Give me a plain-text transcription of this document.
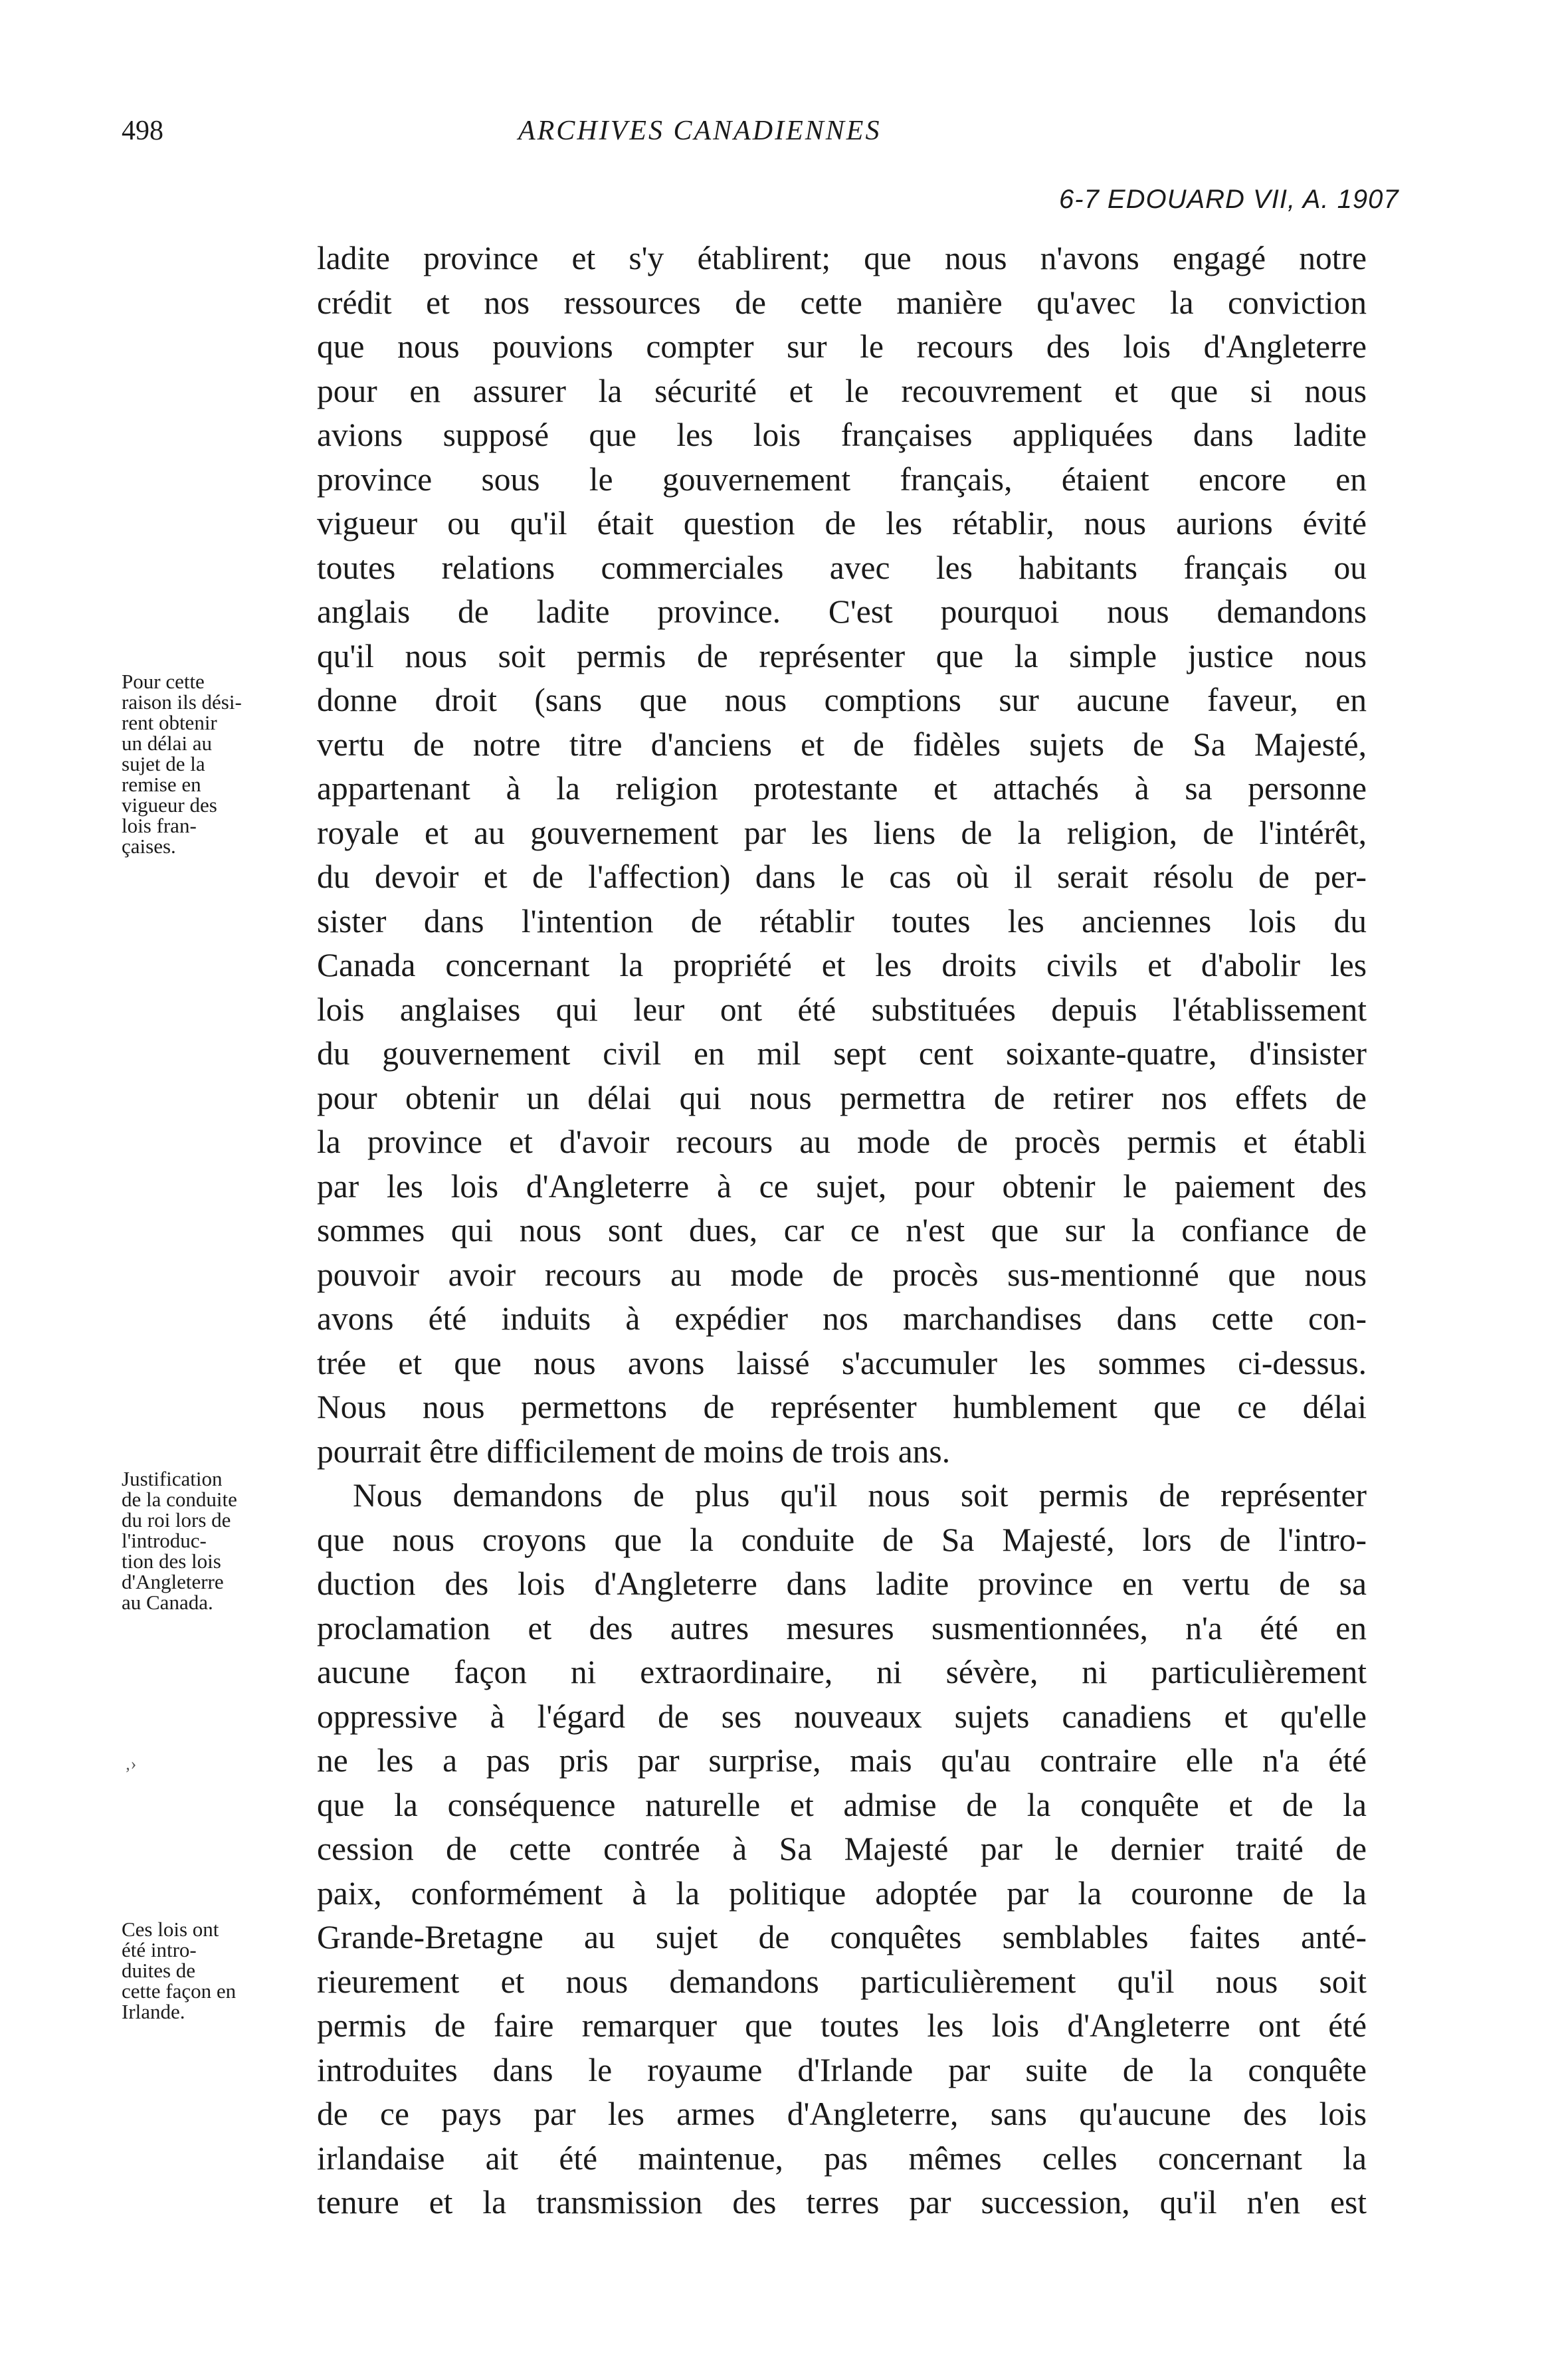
498	ARCHIVES CANADIENNES
6-7 EDOUARD VII, A. 1907
Pour cette
raison ils dési-
rent obtenir
un délai au
sujet de la
remise en
vigueur des
lois fran-
çaises.
Justification
de la conduite
du roi lors de
l'introduc-
tion des lois
d'Angleterre
au Canada.
‚›
Ces lois ont
été intro-
duites de
cette façon en
Irlande.
ladite province et s'y établirent; que nous n'avons engagé notre
crédit et nos ressources de cette manière qu'avec la conviction
que nous pouvions compter sur le recours des lois d'Angleterre
pour en assurer la sécurité et le recouvrement et que si nous
avions supposé que les lois françaises appliquées dans ladite
province sous le gouvernement français, étaient encore en
vigueur ou qu'il était question de les rétablir, nous aurions évité
toutes relations commerciales avec les habitants français ou
anglais de ladite province. C'est pourquoi nous demandons
qu'il nous soit permis de représenter que la simple justice nous
donne droit (sans que nous comptions sur aucune faveur, en
vertu de notre titre d'anciens et de fidèles sujets de Sa Majesté,
appartenant à la religion protestante et attachés à sa personne
royale et au gouvernement par les liens de la religion, de l'intérêt,
du devoir et de l'affection) dans le cas où il serait résolu de per-
sister dans l'intention de rétablir toutes les anciennes lois du
Canada concernant la propriété et les droits civils et d'abolir les
lois anglaises qui leur ont été substituées depuis l'établissement
du gouvernement civil en mil sept cent soixante-quatre, d'insister
pour obtenir un délai qui nous permettra de retirer nos effets de
la province et d'avoir recours au mode de procès permis et établi
par les lois d'Angleterre à ce sujet, pour obtenir le paiement des
sommes qui nous sont dues, car ce n'est que sur la confiance de
pouvoir avoir recours au mode de procès sus-mentionné que nous
avons été induits à expédier nos marchandises dans cette con-
trée et que nous avons laissé s'accumuler les sommes ci-dessus.
Nous nous permettons de représenter humblement que ce délai
pourrait être difficilement de moins de trois ans.
Nous demandons de plus qu'il nous soit permis de représenter
que nous croyons que la conduite de Sa Majesté, lors de l'intro-
duction des lois d'Angleterre dans ladite province en vertu de sa
proclamation et des autres mesures susmentionnées, n'a été en
aucune façon ni extraordinaire, ni sévère, ni particulièrement
oppressive à l'égard de ses nouveaux sujets canadiens et qu'elle
ne les a pas pris par surprise, mais qu'au contraire elle n'a été
que la conséquence naturelle et admise de la conquête et de la
cession de cette contrée à Sa Majesté par le dernier traité de
paix, conformément à la politique adoptée par la couronne de la
Grande-Bretagne au sujet de conquêtes semblables faites anté-
rieurement et nous demandons particulièrement qu'il nous soit
permis de faire remarquer que toutes les lois d'Angleterre ont été
introduites dans le royaume d'Irlande par suite de la conquête
de ce pays par les armes d'Angleterre, sans qu'aucune des lois
irlandaise ait été maintenue, pas mêmes celles concernant la
tenure et la transmission des terres par succession, qu'il n'en est
